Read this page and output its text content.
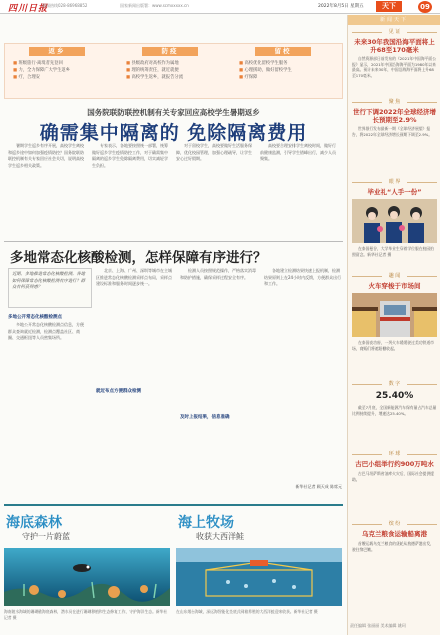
四川日报
新闻热线028-86968852	国家新闻出版署：www.scmxxxxx.cn	2022年8月5日 星期五	天下	09
返乡
■ 班级旅行·离境者先登回
■ 力，全力保障广大学生返乡
■ 疗，合理安
防疫
■ 县级政府对高校作为属地
■ 理的统筹责任，就近就便
■ 高校学生返乡，就报告分流
留校
■ 高校优化留校学生服务
■ 心理援助，做好留校学生
■ 疗保障
国务院联防联控机制有关专家回应高校学生暑期返乡
确需集中隔离的 免除隔离费用

暑期学生返乡有序开展，高校学生离校和返乡途中如何加强疫情防控？国务院联防联控机制有关专家回应社会关切，说明高校学生返乡相关政策。

专家表示，各地要按照统一部署，统筹做好返乡学生疫情防控工作，对于确需集中隔离的返乡学生免除隔离费用，切实减轻学生负担。

对于留校学生，高校要做好生活服务保障，优化校园管理，加强心理疏导，让学生安心过好假期。

高校要合理安排学生离校时间，做好行前健康监测，引导学生错峰出行，减少人员聚集。

多地常态化核酸检测，怎样保障有序进行？
近期，多地推进常态化核酸检测。各地如何保障常态化核酸检测有序进行？群众有何获得感？
多地公开常态化核酸检测点

多地公开常态化核酸检测点信息，方便群众查询就近检测，检测点覆盖社区、商圈、交通枢纽等人员密集场所。

就近布点方便群众检测

北京、上海、广州、深圳等城市在主城区推进常态化核酸检测采样点布局，采样点建设标准和服务时间逐步统一。

检测人员按照规范操作，严格落实消毒和防护措施，确保采样过程安全有序。

及时上报结果，信息准确

各地建立检测结果快速上报机制，检测结果原则上在24小时内反馈，方便群众出行和工作。

新华社记者 顾天成 陈席元
海底森林
守护一片蔚蓝
海南陵水海域的珊瑚礁海底森林，潜水员在进行珊瑚移植和生态修复工作，守护海洋生态。新华社记者 摄
海上牧场
收获大西洋鲑
在山东烟台海域，深远海智能化坐底式网箱养殖的大西洋鲑迎来收获。新华社记者 摄
新闻天下
见 证
未来30年我国沿海平面将上升68至170毫米
自然资源部日前发布的《2021年中国海平面公报》显示，2021年中国沿海海平面为1980年以来最高。预计未来30年，中国沿海海平面将上升68至170毫米。
聚 焦
世行下调2022年全球经济增长预期至2.9%
世界银行发布最新一期《全球经济展望》报告，将2022年全球经济增长预期下调至2.9%。
眼 界
毕业礼“人手一份”
在泰国曼谷，大学毕业生穿着学位服在校园拍照留念。新华社记者 摄
趣 闻
火车穿梭于市场间
在泰国夜功府，一列火车缓缓驶过美功铁道市场，商贩们将遮阳棚收起。
数 字
25.40%
截至7月底，全国新能源汽车保有量占汽车总量比例持续提升，增速达25.40%。
环 球
古巴小组举行约900万吨水
古巴马坦萨斯省油库火灾后，国际社会提供援助。
缤 纷
乌克兰粮食运输船离港
首艘运载乌克兰粮食的货轮从敖德萨港出发，驶往黎巴嫩。
责任编辑 张丽丽 美术编辑 姚珂
